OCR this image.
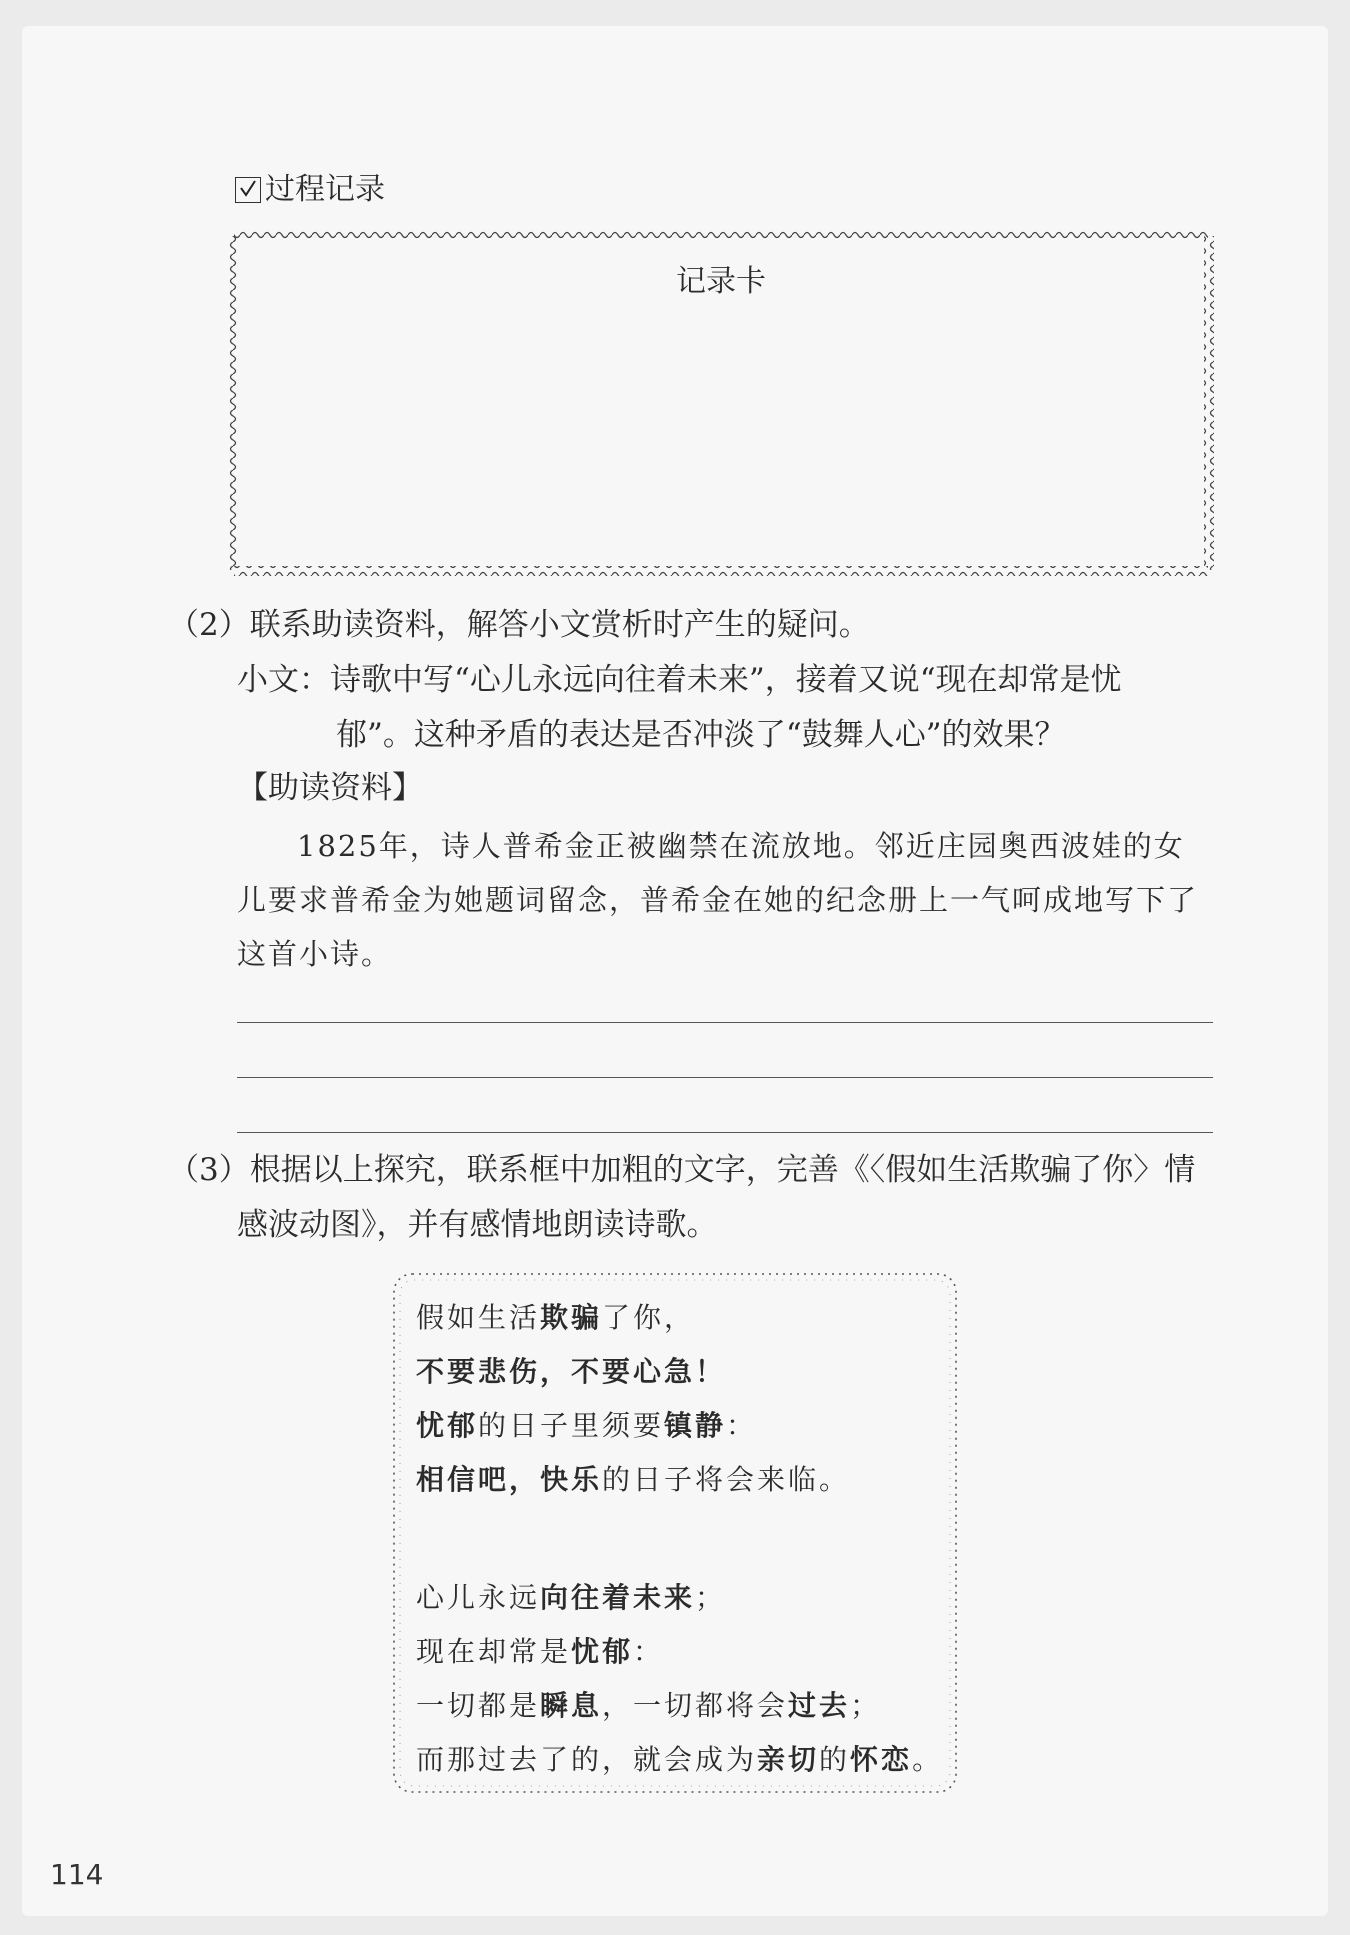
过程记录
记录卡
（2）联系助读资料，解答小文赏析时产生的疑问。
小文：诗歌中写“心儿永远向往着未来”，接着又说“现在却常是忧
郁”。这种矛盾的表达是否冲淡了“鼓舞人心”的效果？
【助读资料】
1825年，诗人普希金正被幽禁在流放地。邻近庄园奥西波娃的女
儿要求普希金为她题词留念，普希金在她的纪念册上一气呵成地写下了
这首小诗。
（3）根据以上探究，联系框中加粗的文字，完善《〈假如生活欺骗了你〉情
感波动图》，并有感情地朗读诗歌。
假如生活欺骗了你，
不要悲伤，不要心急！
忧郁的日子里须要镇静：
相信吧，快乐的日子将会来临。
心儿永远向往着未来；
现在却常是忧郁：
一切都是瞬息，一切都将会过去；
而那过去了的，就会成为亲切的怀恋。
114
